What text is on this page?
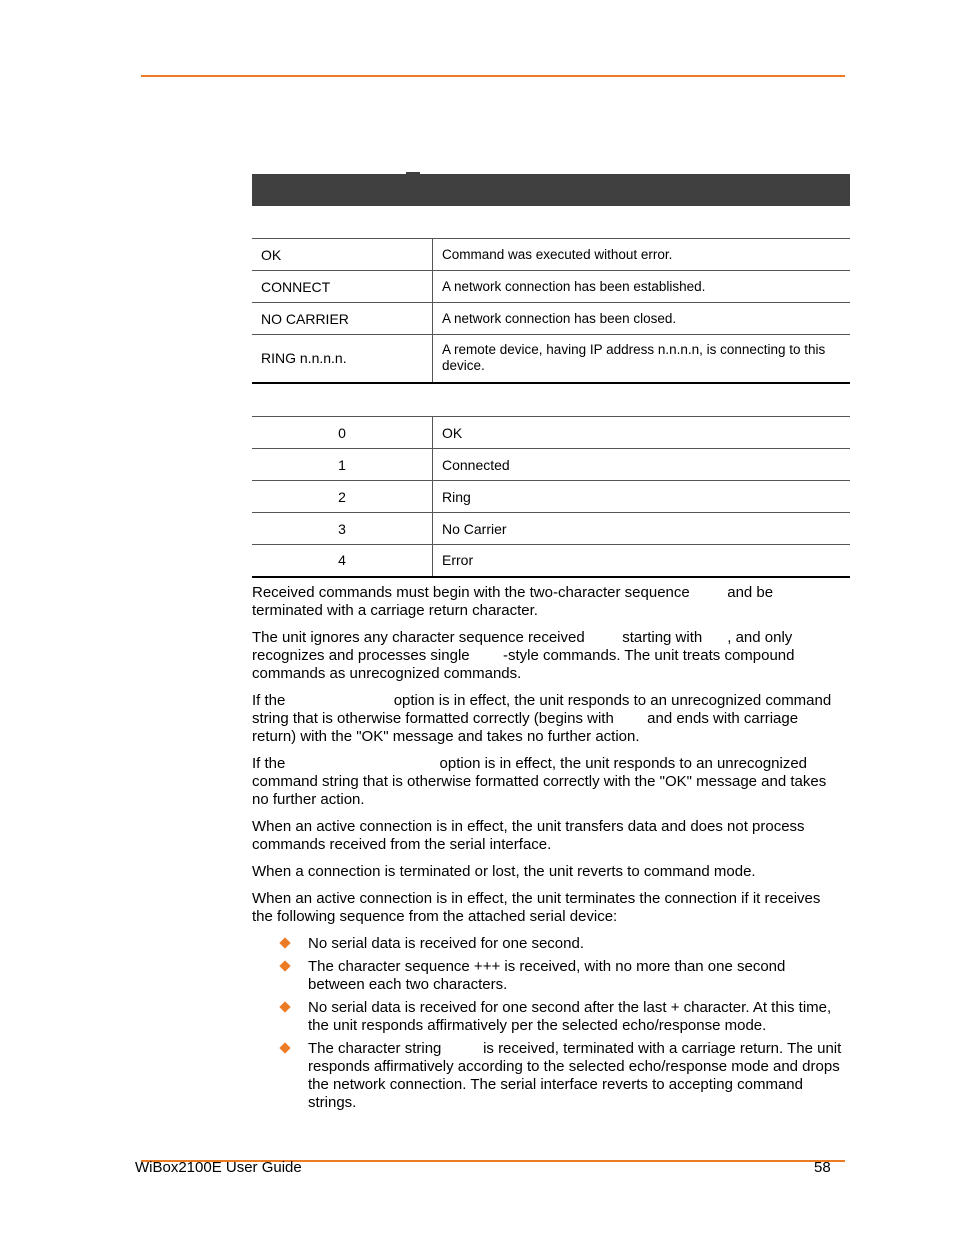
OK	Command was executed without error.
CONNECT	A network connection has been established.
NO CARRIER	A network connection has been closed.
RING n.n.n.n.	A remote device, having IP address n.n.n.n, is connecting to this device.
0	OK
1	Connected
2	Ring
3	No Carrier
4	Error

Received commands must begin with the two-character sequence         and be terminated with a carriage return character.

The unit ignores any character sequence received         starting with      , and only recognizes and processes single        -style commands. The unit treats compound commands as unrecognized commands.

If the                          option is in effect, the unit responds to an unrecognized command string that is otherwise formatted correctly (begins with        and ends with carriage return) with the "OK" message and takes no further action.

If the                                     option is in effect, the unit responds to an unrecognized command string that is otherwise formatted correctly with the "OK" message and takes no further action.

When an active connection is in effect, the unit transfers data and does not process commands received from the serial interface.

When a connection is terminated or lost, the unit reverts to command mode.

When an active connection is in effect, the unit terminates the connection if it receives the following sequence from the attached serial device:

No serial data is received for one second.
The character sequence +++ is received, with no more than one second between each two characters.
No serial data is received for one second after the last + character. At this time, the unit responds affirmatively per the selected echo/response mode.
The character string          is received, terminated with a carriage return. The unit responds affirmatively according to the selected echo/response mode and drops the network connection. The serial interface reverts to accepting command strings.
WiBox2100E User Guide	58
